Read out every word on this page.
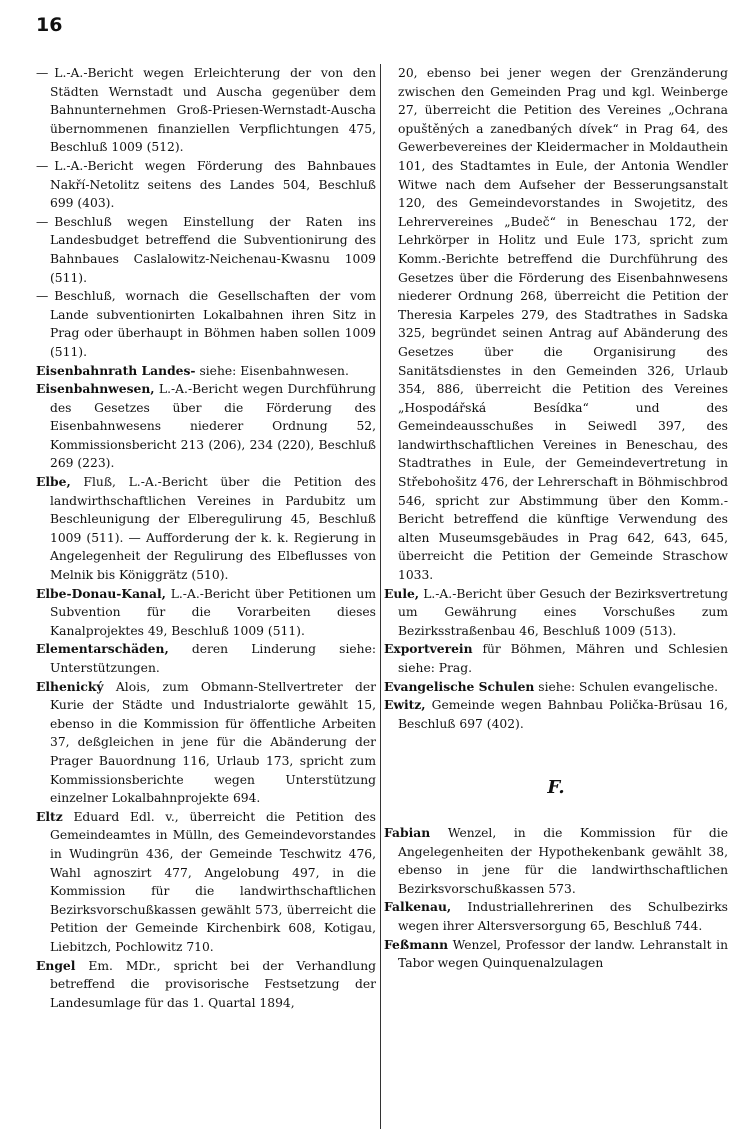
16

— L.-A.-Bericht wegen Erleichterung der von den Städten Wernstadt und Auscha gegenüber dem Bahnunternehmen Groß-Priesen-Wernstadt-Auscha übernommenen finanziellen Verpflichtungen 475, Beschluß 1009 (512).

— L.-A.-Bericht wegen Förderung des Bahnbaues Nakří-Netolitz seitens des Landes 504, Beschluß 699 (403).

— Beschluß wegen Einstellung der Raten ins Landesbudget betreffend die Subventionirung des Bahnbaues Caslalowitz-Neichenau-Kwasnu 1009 (511).

— Beschluß, wornach die Gesellschaften der vom Lande subventionirten Lokalbahnen ihren Sitz in Prag oder überhaupt in Böhmen haben sollen 1009 (511).

Eisenbahnrath Landes- siehe: Eisenbahnwesen.

Eisenbahnwesen, L.-A.-Bericht wegen Durchführung des Gesetzes über die Förderung des Eisenbahnwesens niederer Ordnung 52, Kommissionsbericht 213 (206), 234 (220), Beschluß 269 (223).

Elbe, Fluß, L.-A.-Bericht über die Petition des landwirthschaftlichen Vereines in Pardubitz um Beschleunigung der Elberegulirung 45, Beschluß 1009 (511). — Aufforderung der k. k. Regierung in Angelegenheit der Regulirung des Elbeflusses von Melnik bis Königgrätz (510).

Elbe-Donau-Kanal, L.-A.-Bericht über Petitionen um Subvention für die Vorarbeiten dieses Kanalprojektes 49, Beschluß 1009 (511).

Elementarschäden, deren Linderung siehe: Unterstützungen.

Elhenický Alois, zum Obmann-Stellvertreter der Kurie der Städte und Industrialorte gewählt 15, ebenso in die Kommission für öffentliche Arbeiten 37, deßgleichen in jene für die Abänderung der Prager Bauordnung 116, Urlaub 173, spricht zum Kommissionsberichte wegen Unterstützung einzelner Lokalbahnprojekte 694.

Eltz Eduard Edl. v., überreicht die Petition des Gemeindeamtes in Mülln, des Gemeindevorstandes in Wudingrün 436, der Gemeinde Teschwitz 476, Wahl agnoszirt 477, Angelobung 497, in die Kommission für die landwirthschaftlichen Bezirksvorschußkassen gewählt 573, überreicht die Petition der Gemeinde Kirchenbirk 608, Kotigau, Liebitzch, Pochlowitz 710.

Engel Em. MDr., spricht bei der Verhandlung betreffend die provisorische Festsetzung der Landesumlage für das 1. Quartal 1894,

20, ebenso bei jener wegen der Grenzänderung zwischen den Gemeinden Prag und kgl. Weinberge 27, überreicht die Petition des Vereines „Ochrana opuštěných a zanedbaných dívek“ in Prag 64, des Gewerbevereines der Kleidermacher in Moldauthein 101, des Stadtamtes in Eule, der Antonia Wendler Witwe nach dem Aufseher der Besserungsanstalt 120, des Gemeindevorstandes in Swojetitz, des Lehrervereines „Budeč“ in Beneschau 172, der Lehrkörper in Holitz und Eule 173, spricht zum Komm.-Berichte betreffend die Durchführung des Gesetzes über die Förderung des Eisenbahnwesens niederer Ordnung 268, überreicht die Petition der Theresia Karpeles 279, des Stadtrathes in Sadska 325, begründet seinen Antrag auf Abänderung des Gesetzes über die Organisirung des Sanitätsdienstes in den Gemeinden 326, Urlaub 354, 886, überreicht die Petition des Vereines „Hospodářská Besídka“ und des Gemeindeausschußes in Seiwedl 397, des landwirthschaftlichen Vereines in Beneschau, des Stadtrathes in Eule, der Gemeindevertretung in Střebohošitz 476, der Lehrerschaft in Böhmischbrod 546, spricht zur Abstimmung über den Komm.-Bericht betreffend die künftige Verwendung des alten Museumsgebäudes in Prag 642, 643, 645, überreicht die Petition der Gemeinde Straschow 1033.

Eule, L.-A.-Bericht über Gesuch der Bezirksvertretung um Gewährung eines Vorschußes zum Bezirksstraßenbau 46, Beschluß 1009 (513).

Exportverein für Böhmen, Mähren und Schlesien siehe: Prag.

Evangelische Schulen siehe: Schulen evangelische.

Ewitz, Gemeinde wegen Bahnbau Polička-Brüsau 16, Beschluß 697 (402).

F.

Fabian Wenzel, in die Kommission für die Angelegenheiten der Hypothekenbank gewählt 38, ebenso in jene für die landwirthschaftlichen Bezirksvorschußkassen 573.

Falkenau, Industriallehrerinen des Schulbezirks wegen ihrer Altersversorgung 65, Beschluß 744.

Feßmann Wenzel, Professor der landw. Lehranstalt in Tabor wegen Quinquenalzulagen
